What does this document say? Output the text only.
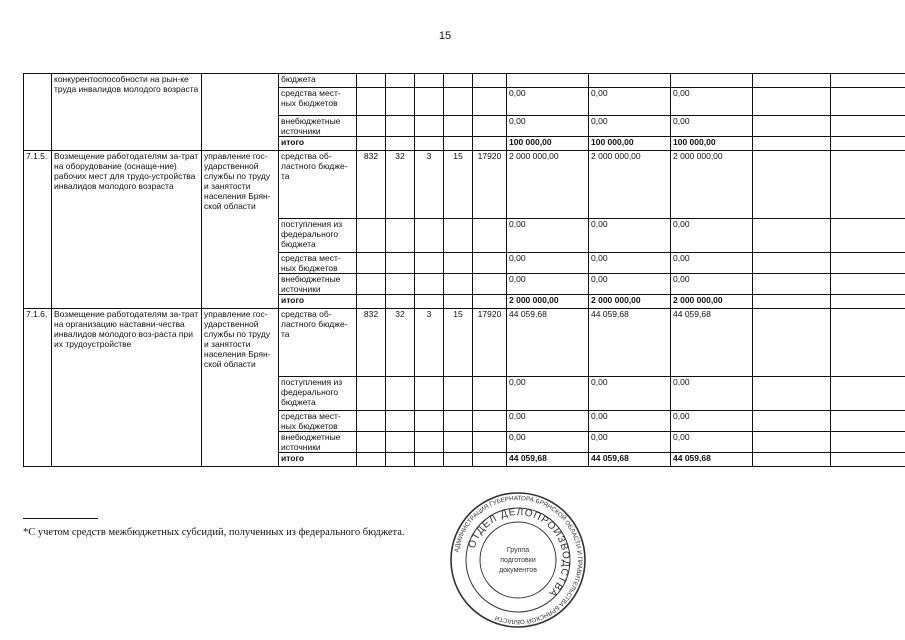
15
	конкурентоспособности на рын-ке труда инвалидов молодого возраста		бюджета										
			средства мест-ных бюджетов						0,00	0,00	0,00		
			внебюджетные источники						0,00	0,00	0,00		
			итого						100 000,00	100 000,00	100 000,00		
7.1.5.	Возмещение работодателям за-трат на оборудование (оснаще-ние) рабочих мест для трудо-устройства инвалидов молодого возраста	управление гос-ударственной службы по труду и занятости населения Брян-ской области	средства об-ластного бюдже-та	832	32	3	15	17920	2 000 000,00	2 000 000,00	2 000 000,00		
			поступления из федерального бюджета						0,00	0,00	0,00		
			средства мест-ных бюджетов						0,00	0,00	0,00		
			внебюджетные источники						0,00	0,00	0,00		
			итого						2 000 000,00	2 000 000,00	2 000 000,00		
7.1.6.	Возмещение работодателям за-трат на организацию наставни-чества инвалидов молодого воз-раста при их трудоустройстве	управление гос-ударственной службы по труду и занятости населения Брян-ской области	средства об-ластного бюдже-та	832	32	3	15	17920	44 059,68	44 059,68	44 059,68		
			поступления из федерального бюджета						0,00	0,00	0,00		
			средства мест-ных бюджетов						0,00	0,00	0,00		
			внебюджетные источники						0,00	0,00	0,00		
			итого						44 059,68	44 059,68	44 059,68		
*С учетом средств межбюджетных субсидий, полученных из федерального бюджета.
АДМИНИСТРАЦИЯ ГУБЕРНАТОРА БРЯНСКОЙ ОБЛАСТИ И ПРАВИТЕЛЬСТВА БРЯНСКОЙ ОБЛАСТИ
ОТДЕЛ ДЕЛОПРОИЗВОДСТВА
Группа
подготовки
документов
